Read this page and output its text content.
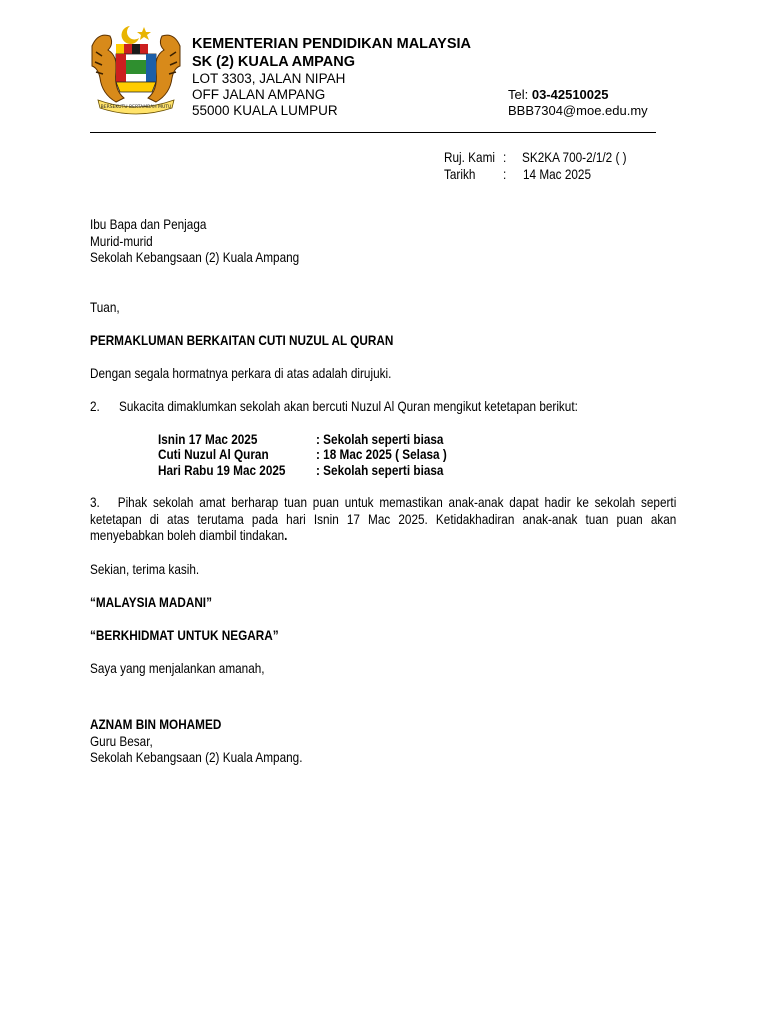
BERSEKUTU BERTAMBAH MUTU
KEMENTERIAN PENDIDIKAN MALAYSIA
SK (2) KUALA AMPANG
LOT 3303, JALAN NIPAH
OFF JALAN AMPANG
55000 KUALA LUMPUR
Tel: 03-42510025
BBB7304@moe.edu.my
Ruj. Kami : SK2KA 700-2/1/2 ( )
Tarikh : 14 Mac 2025
Ibu Bapa dan Penjaga
Murid-murid
Sekolah Kebangsaan (2) Kuala Ampang
Tuan,
PERMAKLUMAN BERKAITAN CUTI NUZUL AL QURAN
Dengan segala hormatnya perkara di atas adalah dirujuki.
2. Sukacita dimaklumkan sekolah akan bercuti Nuzul Al Quran mengikut ketetapan berikut:
Isnin 17 Mac 2025	: Sekolah seperti biasa
Cuti Nuzul Al Quran	: 18 Mac 2025 ( Selasa )
Hari Rabu 19 Mac 2025 : Sekolah seperti biasa
3. Pihak sekolah amat berharap tuan puan untuk memastikan anak-anak dapat hadir ke sekolah seperti ketetapan di atas terutama pada hari Isnin 17 Mac 2025. Ketidakhadiran anak-anak tuan puan akan menyebabkan boleh diambil tindakan.
Sekian, terima kasih.
“MALAYSIA MADANI”
“BERKHIDMAT UNTUK NEGARA”
Saya yang menjalankan amanah,
AZNAM BIN MOHAMED
Guru Besar,
Sekolah Kebangsaan (2) Kuala Ampang.
